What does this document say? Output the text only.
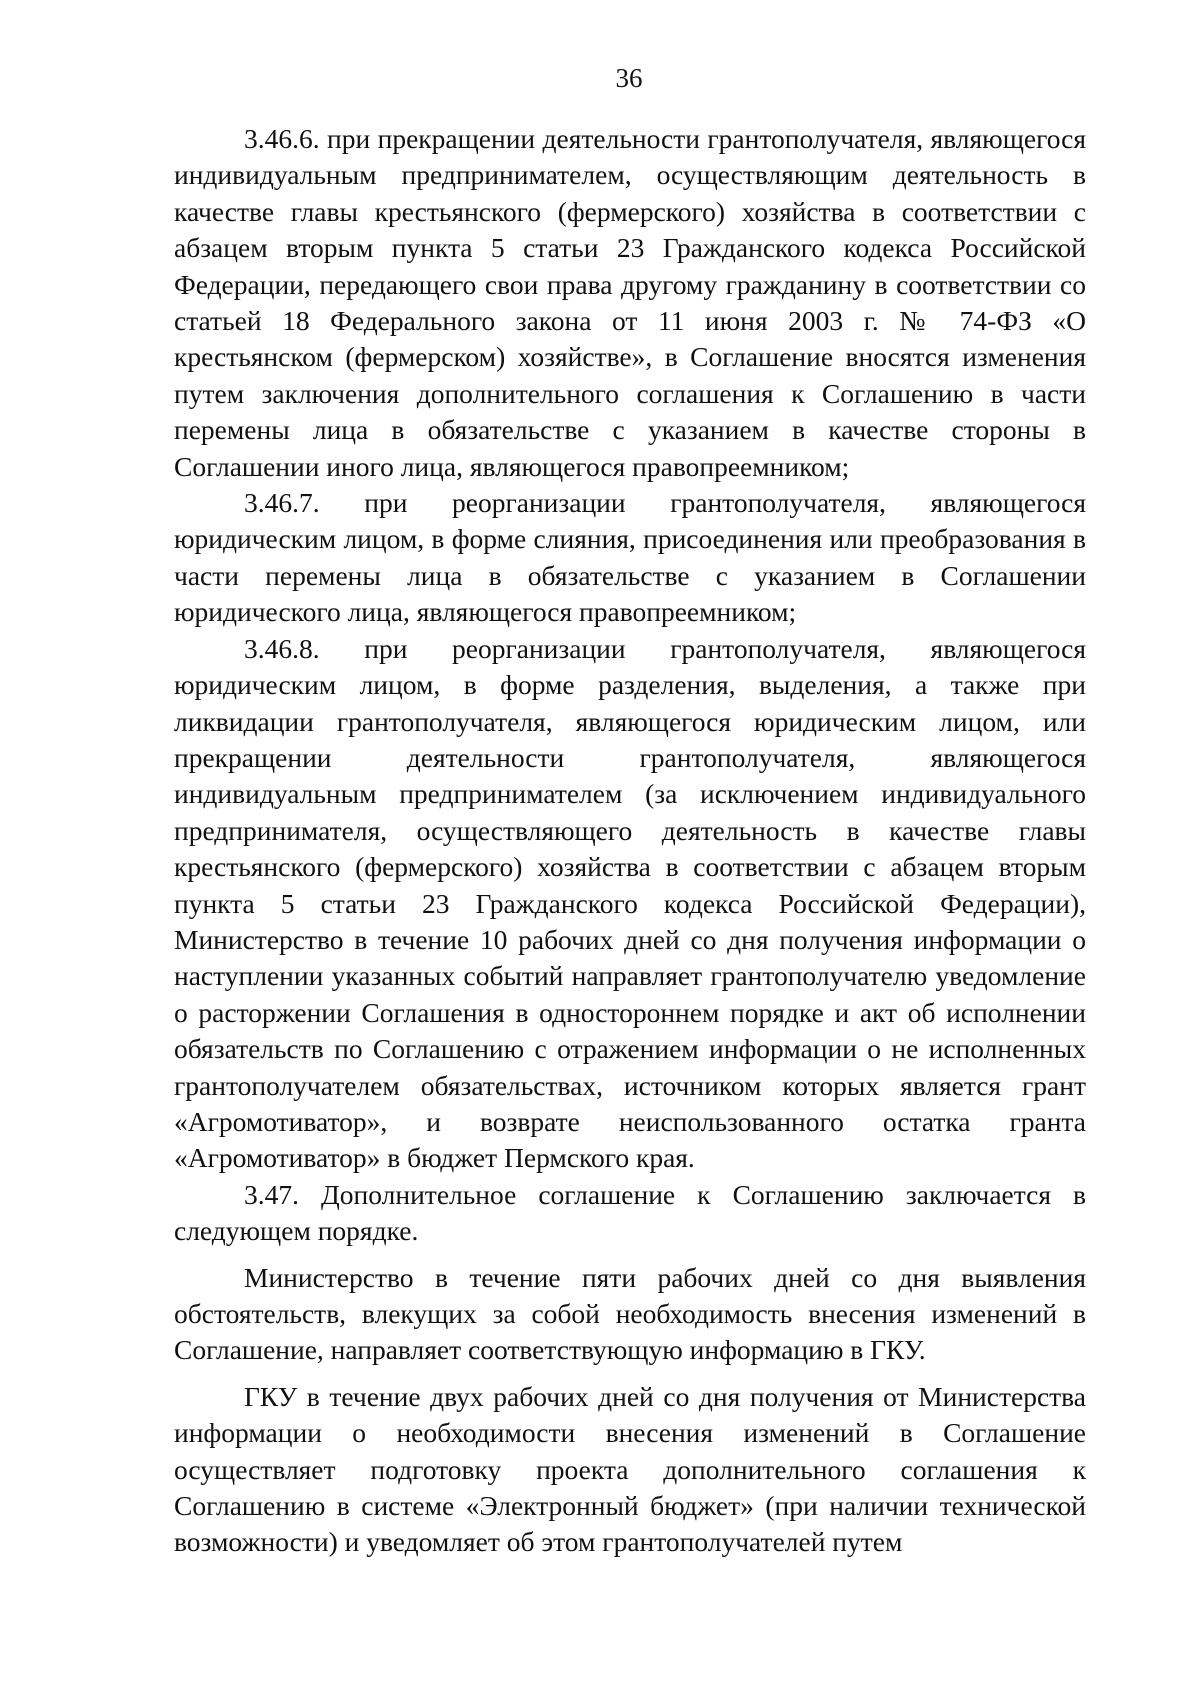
36

3.46.6. при прекращении деятельности грантополучателя, являющегося индивидуальным предпринимателем, осуществляющим деятельность в качестве главы крестьянского (фермерского) хозяйства в соответствии с абзацем вторым пункта 5 статьи 23 Гражданского кодекса Российской Федерации, передающего свои права другому гражданину в соответствии со статьей 18 Федерального закона от 11 июня 2003 г. № 74-ФЗ «О крестьянском (фермерском) хозяйстве», в Соглашение вносятся изменения путем заключения дополнительного соглашения к Соглашению в части перемены лица в обязательстве с указанием в качестве стороны в Соглашении иного лица, являющегося правопреемником;

3.46.7. при реорганизации грантополучателя, являющегося юридическим лицом, в форме слияния, присоединения или преобразования в части перемены лица в обязательстве с указанием в Соглашении юридического лица, являющегося правопреемником;

3.46.8. при реорганизации грантополучателя, являющегося юридическим лицом, в форме разделения, выделения, а также при ликвидации грантополучателя, являющегося юридическим лицом, или прекращении деятельности грантополучателя, являющегося индивидуальным предпринимателем (за исключением индивидуального предпринимателя, осуществляющего деятельность в качестве главы крестьянского (фермерского) хозяйства в соответствии с абзацем вторым пункта 5 статьи 23 Гражданского кодекса Российской Федерации), Министерство в течение 10 рабочих дней со дня получения информации о наступлении указанных событий направляет грантополучателю уведомление о расторжении Соглашения в одностороннем порядке и акт об исполнении обязательств по Соглашению с отражением информации о не исполненных грантополучателем обязательствах, источником которых является грант «Агромотиватор», и возврате неиспользованного остатка гранта «Агромотиватор» в бюджет Пермского края.

3.47. Дополнительное соглашение к Соглашению заключается в следующем порядке.

Министерство в течение пяти рабочих дней со дня выявления обстоятельств, влекущих за собой необходимость внесения изменений в Соглашение, направляет соответствующую информацию в ГКУ.

ГКУ в течение двух рабочих дней со дня получения от Министерства информации о необходимости внесения изменений в Соглашение осуществляет подготовку проекта дополнительного соглашения к Соглашению в системе «Электронный бюджет» (при наличии технической возможности) и уведомляет об этом грантополучателей путем
